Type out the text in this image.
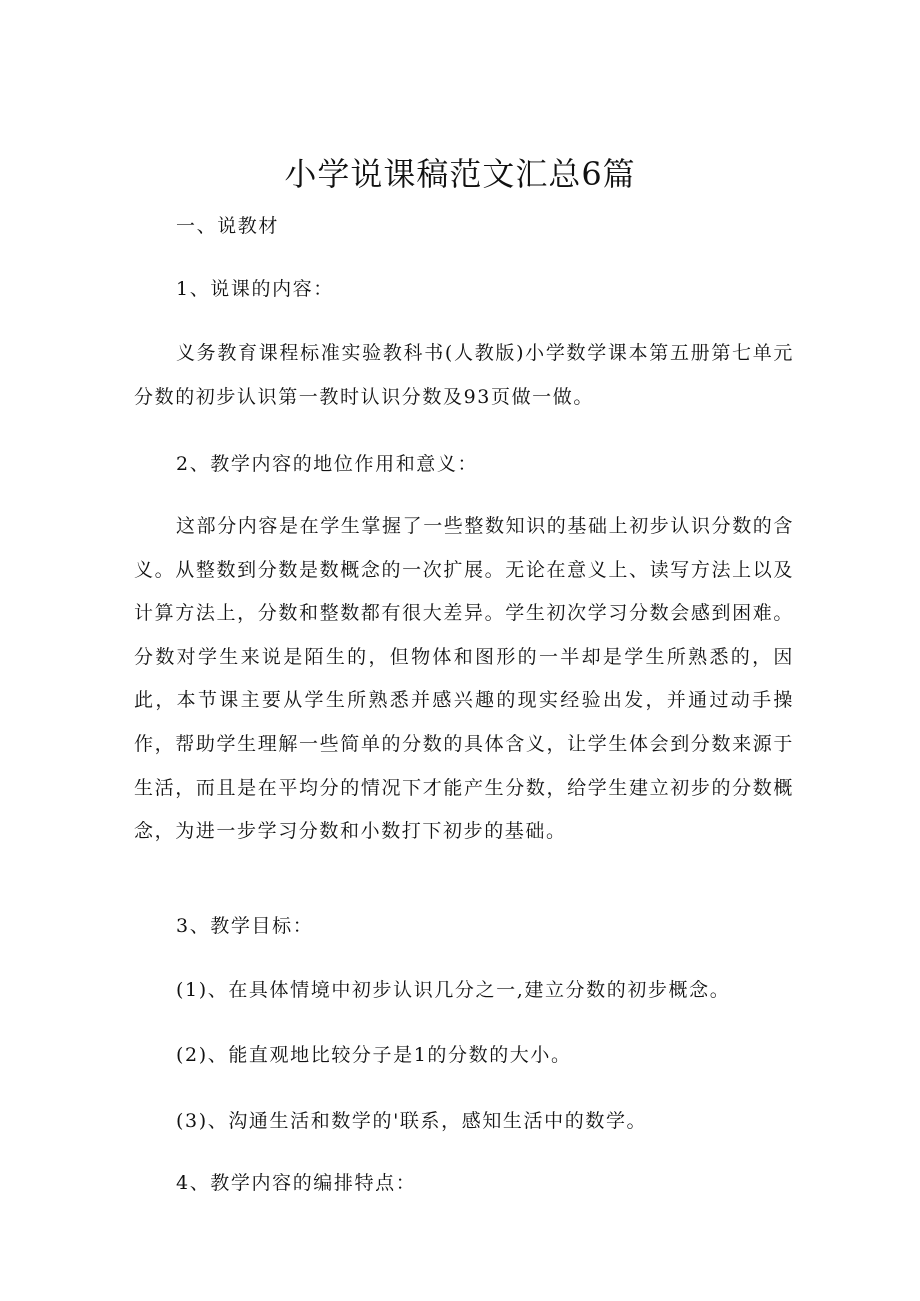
小学说课稿范文汇总6篇

一、说教材

1、说课的内容：

义务教育课程标准实验教科书(人教版)小学数学课本第五册第七单元分数的初步认识第一教时认识分数及93页做一做。

2、教学内容的地位作用和意义：

这部分内容是在学生掌握了一些整数知识的基础上初步认识分数的含义。从整数到分数是数概念的一次扩展。无论在意义上、读写方法上以及计算方法上，分数和整数都有很大差异。学生初次学习分数会感到困难。分数对学生来说是陌生的，但物体和图形的一半却是学生所熟悉的，因此，本节课主要从学生所熟悉并感兴趣的现实经验出发，并通过动手操作，帮助学生理解一些简单的分数的具体含义，让学生体会到分数来源于生活，而且是在平均分的情况下才能产生分数，给学生建立初步的分数概念，为进一步学习分数和小数打下初步的基础。

3、教学目标：

(1)、在具体情境中初步认识几分之一,建立分数的初步概念。

(2)、能直观地比较分子是1的分数的大小。

(3)、沟通生活和数学的'联系，感知生活中的数学。

4、教学内容的编排特点：
